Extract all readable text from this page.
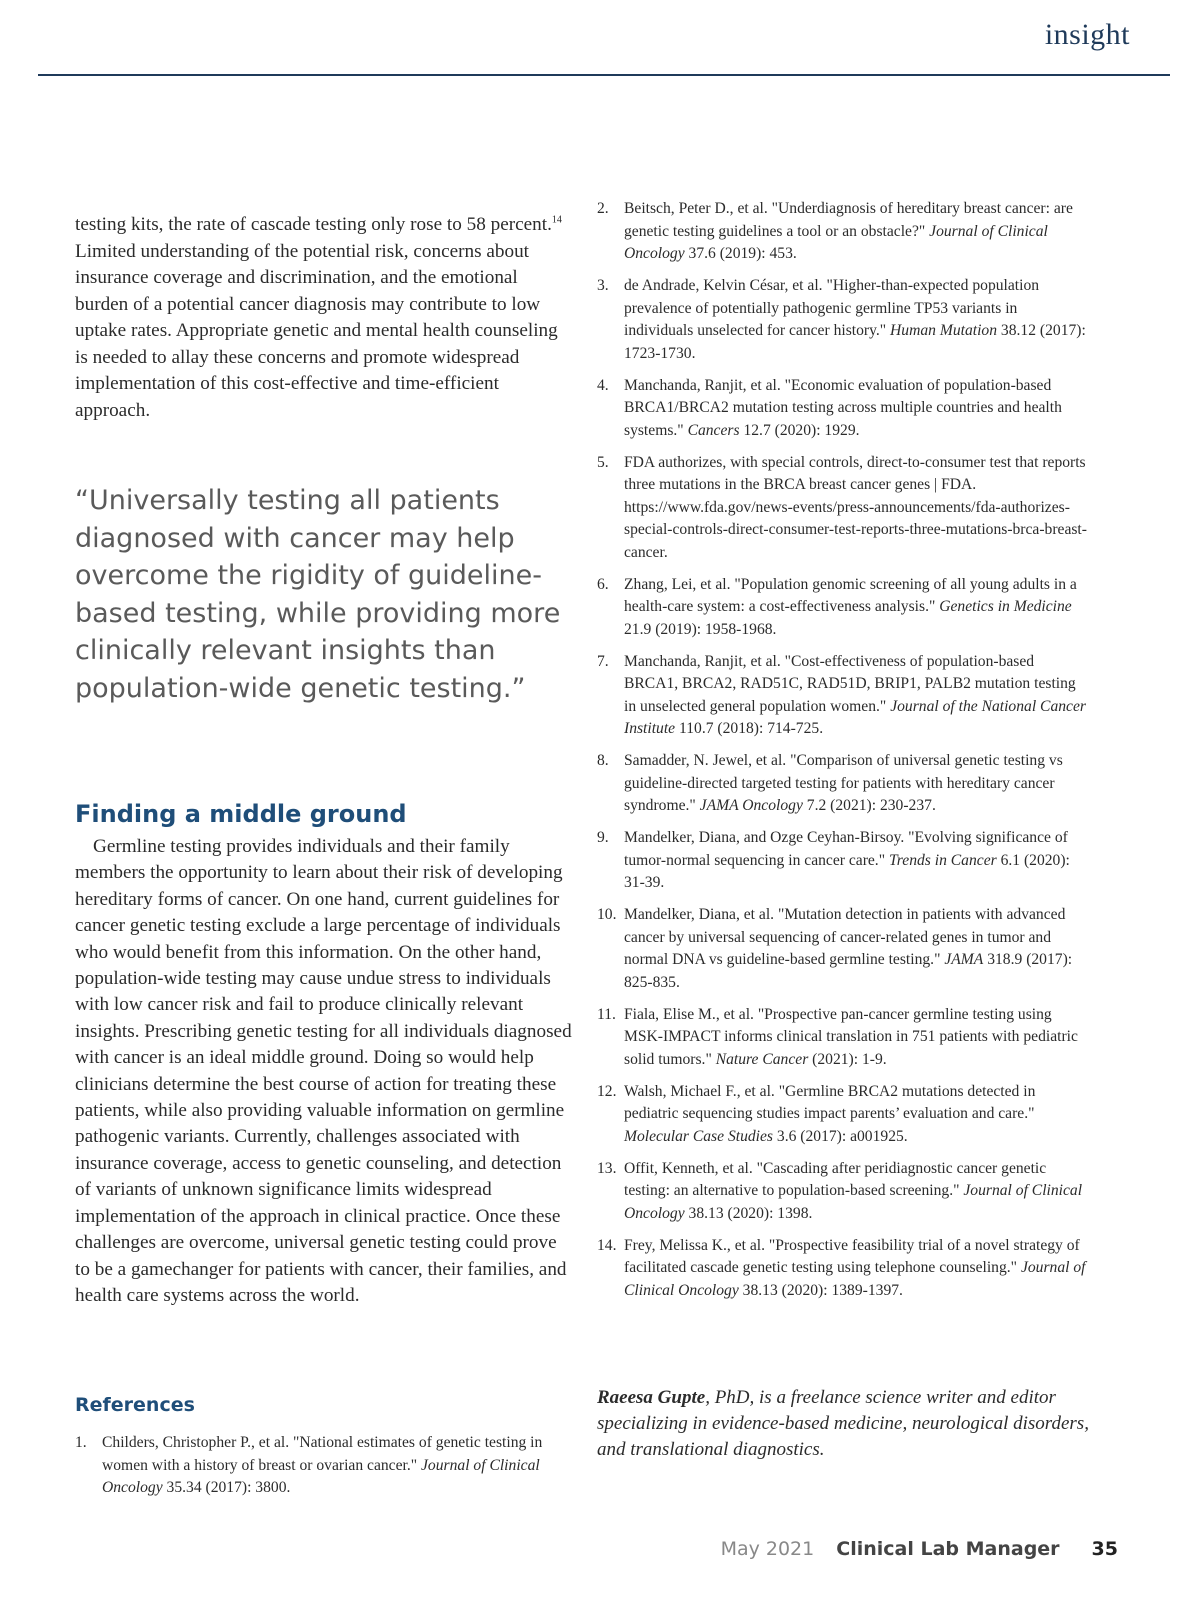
insight

testing kits, the rate of cascade testing only rose to 58 percent.$^{14}$ Limited understanding of the potential risk, concerns about insurance coverage and discrimination, and the emotional burden of a potential cancer diagnosis may contribute to low uptake rates. Appropriate genetic and mental health counseling is needed to allay these concerns and promote widespread implementation of this cost-effective and time-efficient approach.

“Universally testing all patients diagnosed with cancer may help overcome the rigidity of guideline-based testing, while providing more clinically relevant insights than population-wide genetic testing.”

Finding a middle ground

Germline testing provides individuals and their family members the opportunity to learn about their risk of developing hereditary forms of cancer. On one hand, current guidelines for cancer genetic testing exclude a large percentage of individuals who would benefit from this information. On the other hand, population-wide testing may cause undue stress to individuals with low cancer risk and fail to produce clinically relevant insights. Prescribing genetic testing for all individuals diagnosed with cancer is an ideal middle ground. Doing so would help clinicians determine the best course of action for treating these patients, while also providing valuable information on germline pathogenic variants. Currently, challenges associated with insurance coverage, access to genetic counseling, and detection of variants of unknown significance limits widespread implementation of the approach in clinical practice. Once these challenges are overcome, universal genetic testing could prove to be a gamechanger for patients with cancer, their families, and health care systems across the world.

References
1. Childers, Christopher P., et al. "National estimates of genetic testing in women with a history of breast or ovarian cancer." Journal of Clinical Oncology 35.34 (2017): 3800.
2. Beitsch, Peter D., et al. "Underdiagnosis of hereditary breast cancer: are genetic testing guidelines a tool or an obstacle?" Journal of Clinical Oncology 37.6 (2019): 453.
3. de Andrade, Kelvin César, et al. "Higher-than-expected population prevalence of potentially pathogenic germline TP53 variants in individuals unselected for cancer history." Human Mutation 38.12 (2017): 1723-1730.
4. Manchanda, Ranjit, et al. "Economic evaluation of population-based BRCA1/BRCA2 mutation testing across multiple countries and health systems." Cancers 12.7 (2020): 1929.
5. FDA authorizes, with special controls, direct-to-consumer test that reports three mutations in the BRCA breast cancer genes | FDA. https://www.fda.gov/news-events/press-announcements/fda-authorizes-special-controls-direct-consumer-test-reports-three-mutations-brca-breast-cancer.
6. Zhang, Lei, et al. "Population genomic screening of all young adults in a health-care system: a cost-effectiveness analysis." Genetics in Medicine 21.9 (2019): 1958-1968.
7. Manchanda, Ranjit, et al. "Cost-effectiveness of population-based BRCA1, BRCA2, RAD51C, RAD51D, BRIP1, PALB2 mutation testing in unselected general population women." Journal of the National Cancer Institute 110.7 (2018): 714-725.
8. Samadder, N. Jewel, et al. "Comparison of universal genetic testing vs guideline-directed targeted testing for patients with hereditary cancer syndrome." JAMA Oncology 7.2 (2021): 230-237.
9. Mandelker, Diana, and Ozge Ceyhan-Birsoy. "Evolving significance of tumor-normal sequencing in cancer care." Trends in Cancer 6.1 (2020): 31-39.
10. Mandelker, Diana, et al. "Mutation detection in patients with advanced cancer by universal sequencing of cancer-related genes in tumor and normal DNA vs guideline-based germline testing." JAMA 318.9 (2017): 825-835.
11. Fiala, Elise M., et al. "Prospective pan-cancer germline testing using MSK-IMPACT informs clinical translation in 751 patients with pediatric solid tumors." Nature Cancer (2021): 1-9.
12. Walsh, Michael F., et al. "Germline BRCA2 mutations detected in pediatric sequencing studies impact parents’ evaluation and care." Molecular Case Studies 3.6 (2017): a001925.
13. Offit, Kenneth, et al. "Cascading after peridiagnostic cancer genetic testing: an alternative to population-based screening." Journal of Clinical Oncology 38.13 (2020): 1398.
14. Frey, Melissa K., et al. "Prospective feasibility trial of a novel strategy of facilitated cascade genetic testing using telephone counseling." Journal of Clinical Oncology 38.13 (2020): 1389-1397.

Raeesa Gupte, PhD, is a freelance science writer and editor specializing in evidence-based medicine, neurological disorders, and translational diagnostics.

May 2021 Clinical Lab Manager 35
